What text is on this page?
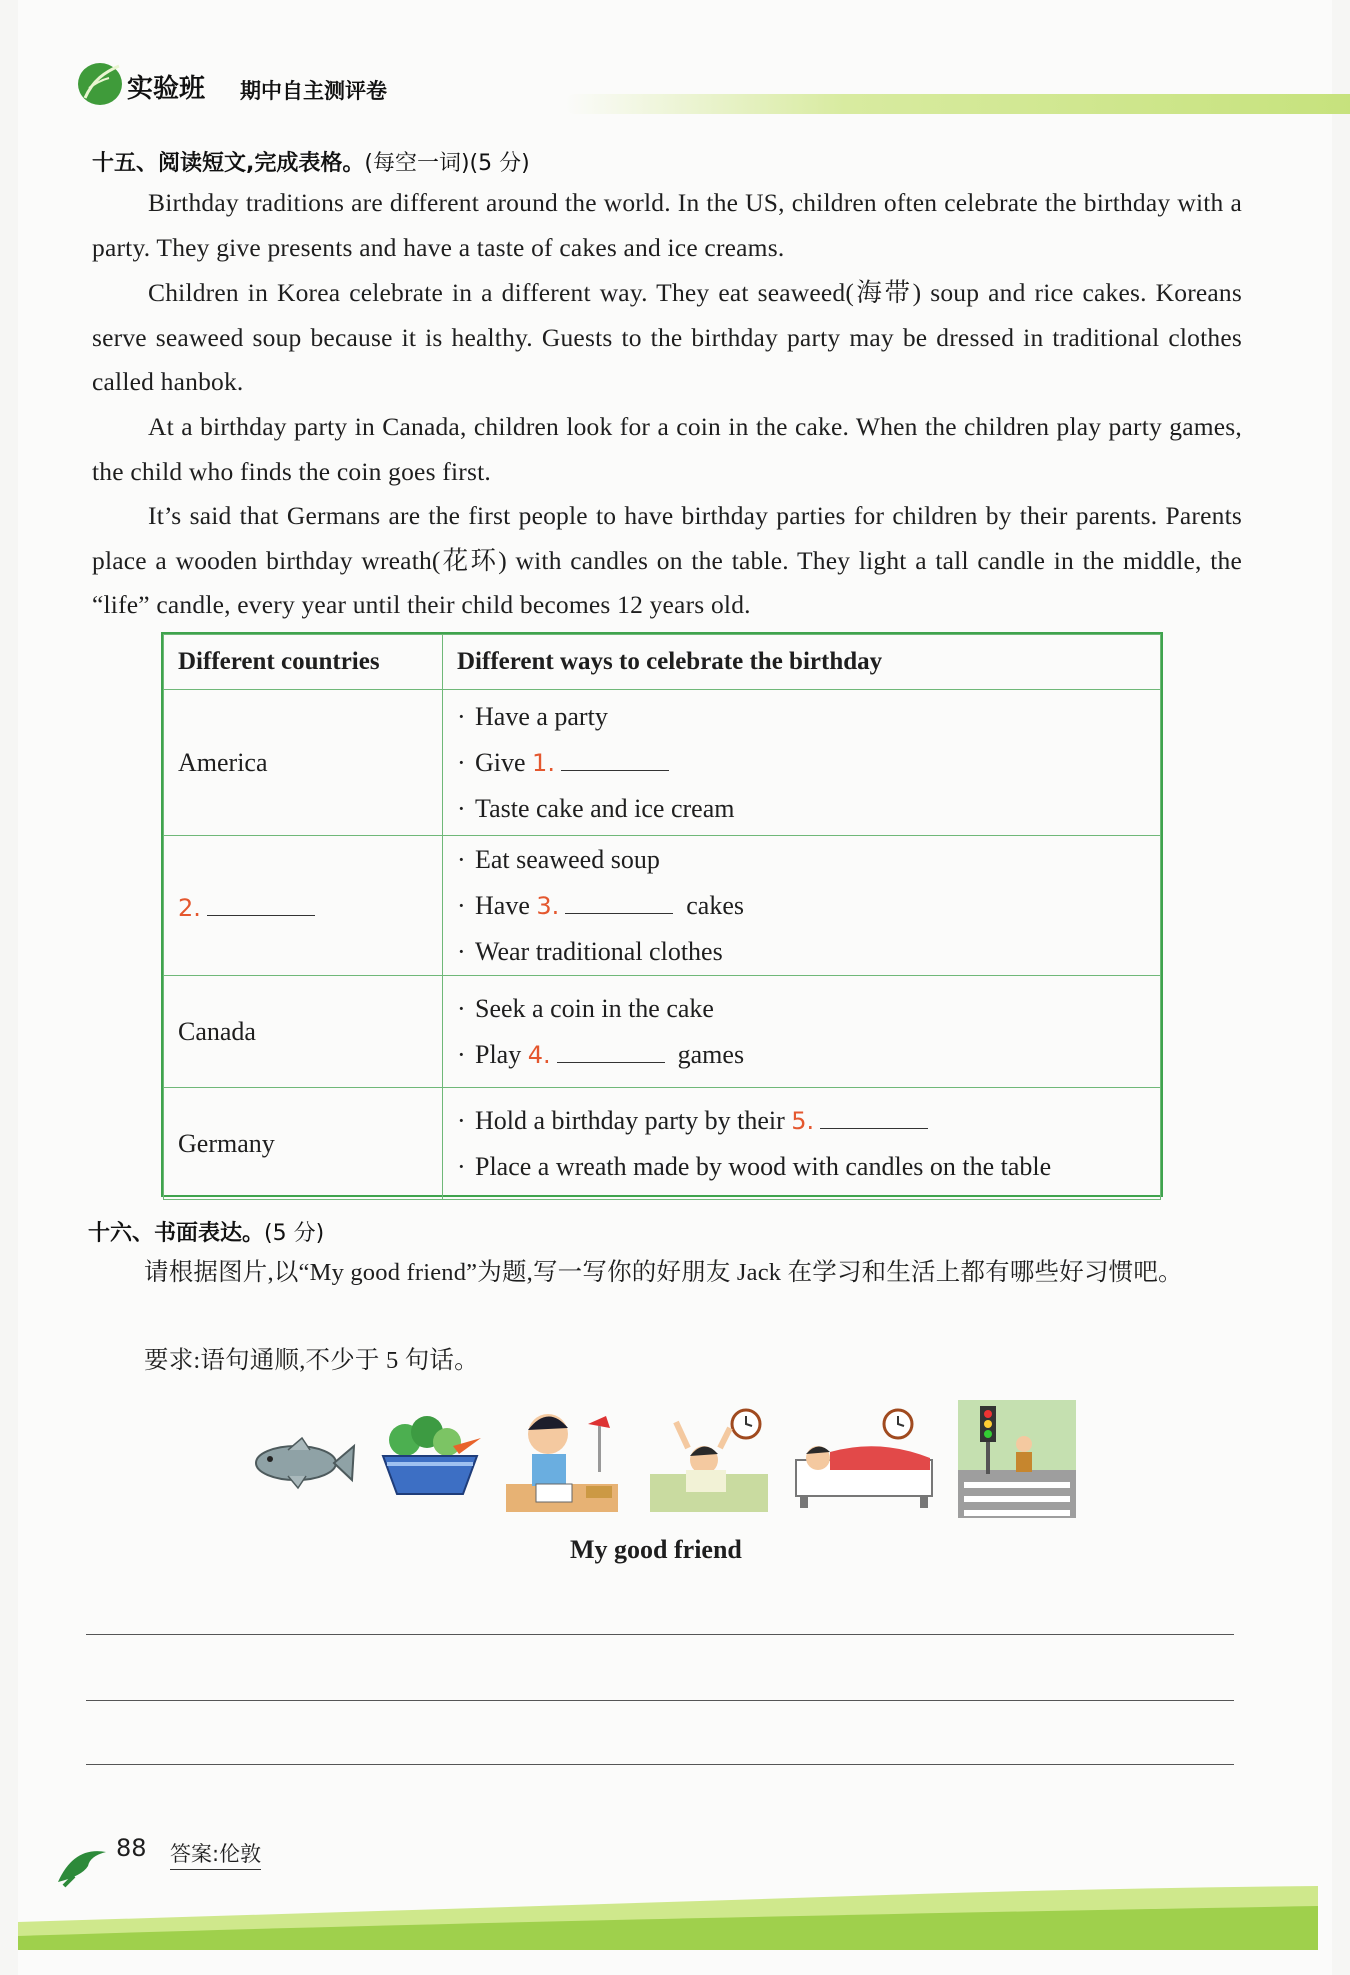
实验班 期中自主测评卷
十五、阅读短文,完成表格。(每空一词)(5 分)
Birthday traditions are different around the world. In the US, children often celebrate the birthday with a party. They give presents and have a taste of cakes and ice creams.
Children in Korea celebrate in a different way. They eat seaweed(海带) soup and rice cakes. Koreans serve seaweed soup because it is healthy. Guests to the birthday party may be dressed in traditional clothes called hanbok.
At a birthday party in Canada, children look for a coin in the cake. When the children play party games, the child who finds the coin goes first.
It’s said that Germans are the first people to have birthday parties for children by their parents. Parents place a wooden birthday wreath(花环) with candles on the table. They light a tall candle in the middle, the “life” candle, every year until their child becomes 12 years old.
Different countries	Different ways to celebrate the birthday
America	· Have a party
· Give 1.
· Taste cake and ice cream

2.	· Eat seaweed soup
· Have 3. cakes
· Wear traditional clothes

Canada	· Seek a coin in the cake
· Play 4. games

Germany	· Hold a birthday party by their 5.
· Place a wreath made by wood with candles on the table
十六、书面表达。(5 分)
请根据图片,以“My good friend”为题,写一写你的好朋友 Jack 在学习和生活上都有哪些好习惯吧。
要求:语句通顺,不少于 5 句话。
My good friend
88 答案:伦敦
